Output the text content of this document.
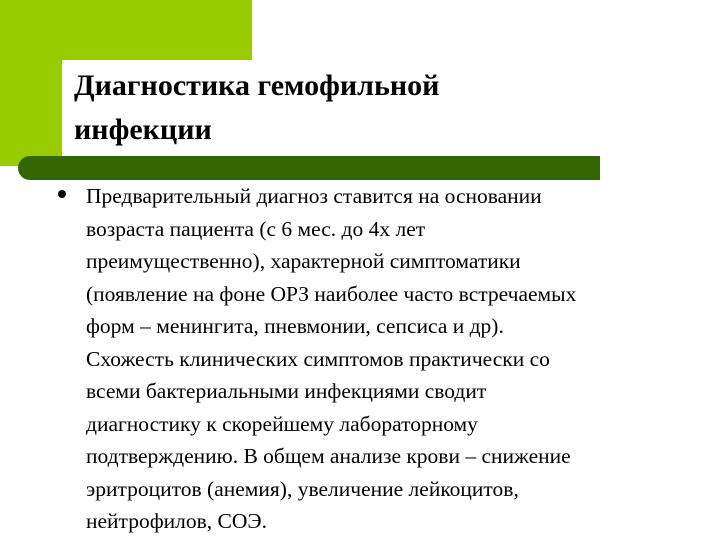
Диагностика гемофильной
инфекции

Предварительный диагноз ставится на основании
возраста пациента (с 6 мес. до 4х лет
преимущественно), характерной симптоматики
(появление на фоне ОРЗ наиболее часто встречаемых
форм – менингита, пневмонии, сепсиса и др).
Схожесть клинических симптомов практически со
всеми бактериальными инфекциями сводит
диагностику к скорейшему лабораторному
подтверждению. В общем анализе крови – снижение
эритроцитов (анемия), увеличение лейкоцитов,
нейтрофилов, СОЭ.
